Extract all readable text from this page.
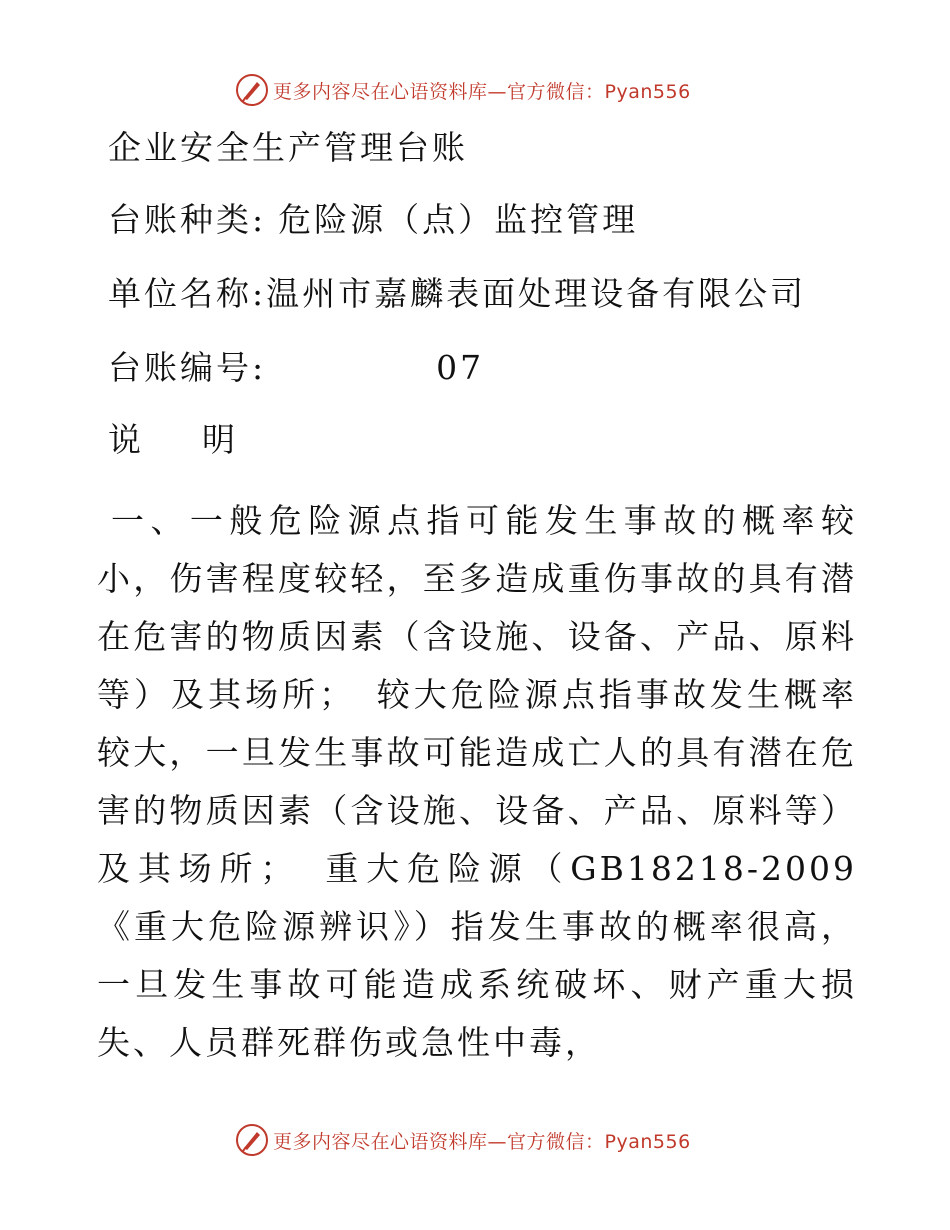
更多内容尽在心语资料库—官方微信：Pyan556
企业安全生产管理台账
台账种类: 危险源（点）监控管理
单位名称:温州市嘉麟表面处理设备有限公司
台账编号:	07
说 明
一、一般危险源点指可能发生事故的概率较小，伤害程度较轻，至多造成重伤事故的具有潜在危害的物质因素（含设施、设备、产品、原料等）及其场所；　较大危险源点指事故发生概率较大，一旦发生事故可能造成亡人的具有潜在危害的物质因素（含设施、设备、产品、原料等）及其场所；　重大危险源（GB18218-2009《重大危险源辨识》）指发生事故的概率很高，一旦发生事故可能造成系统破坏、财产重大损失、人员群死群伤或急性中毒，
更多内容尽在心语资料库—官方微信：Pyan556
